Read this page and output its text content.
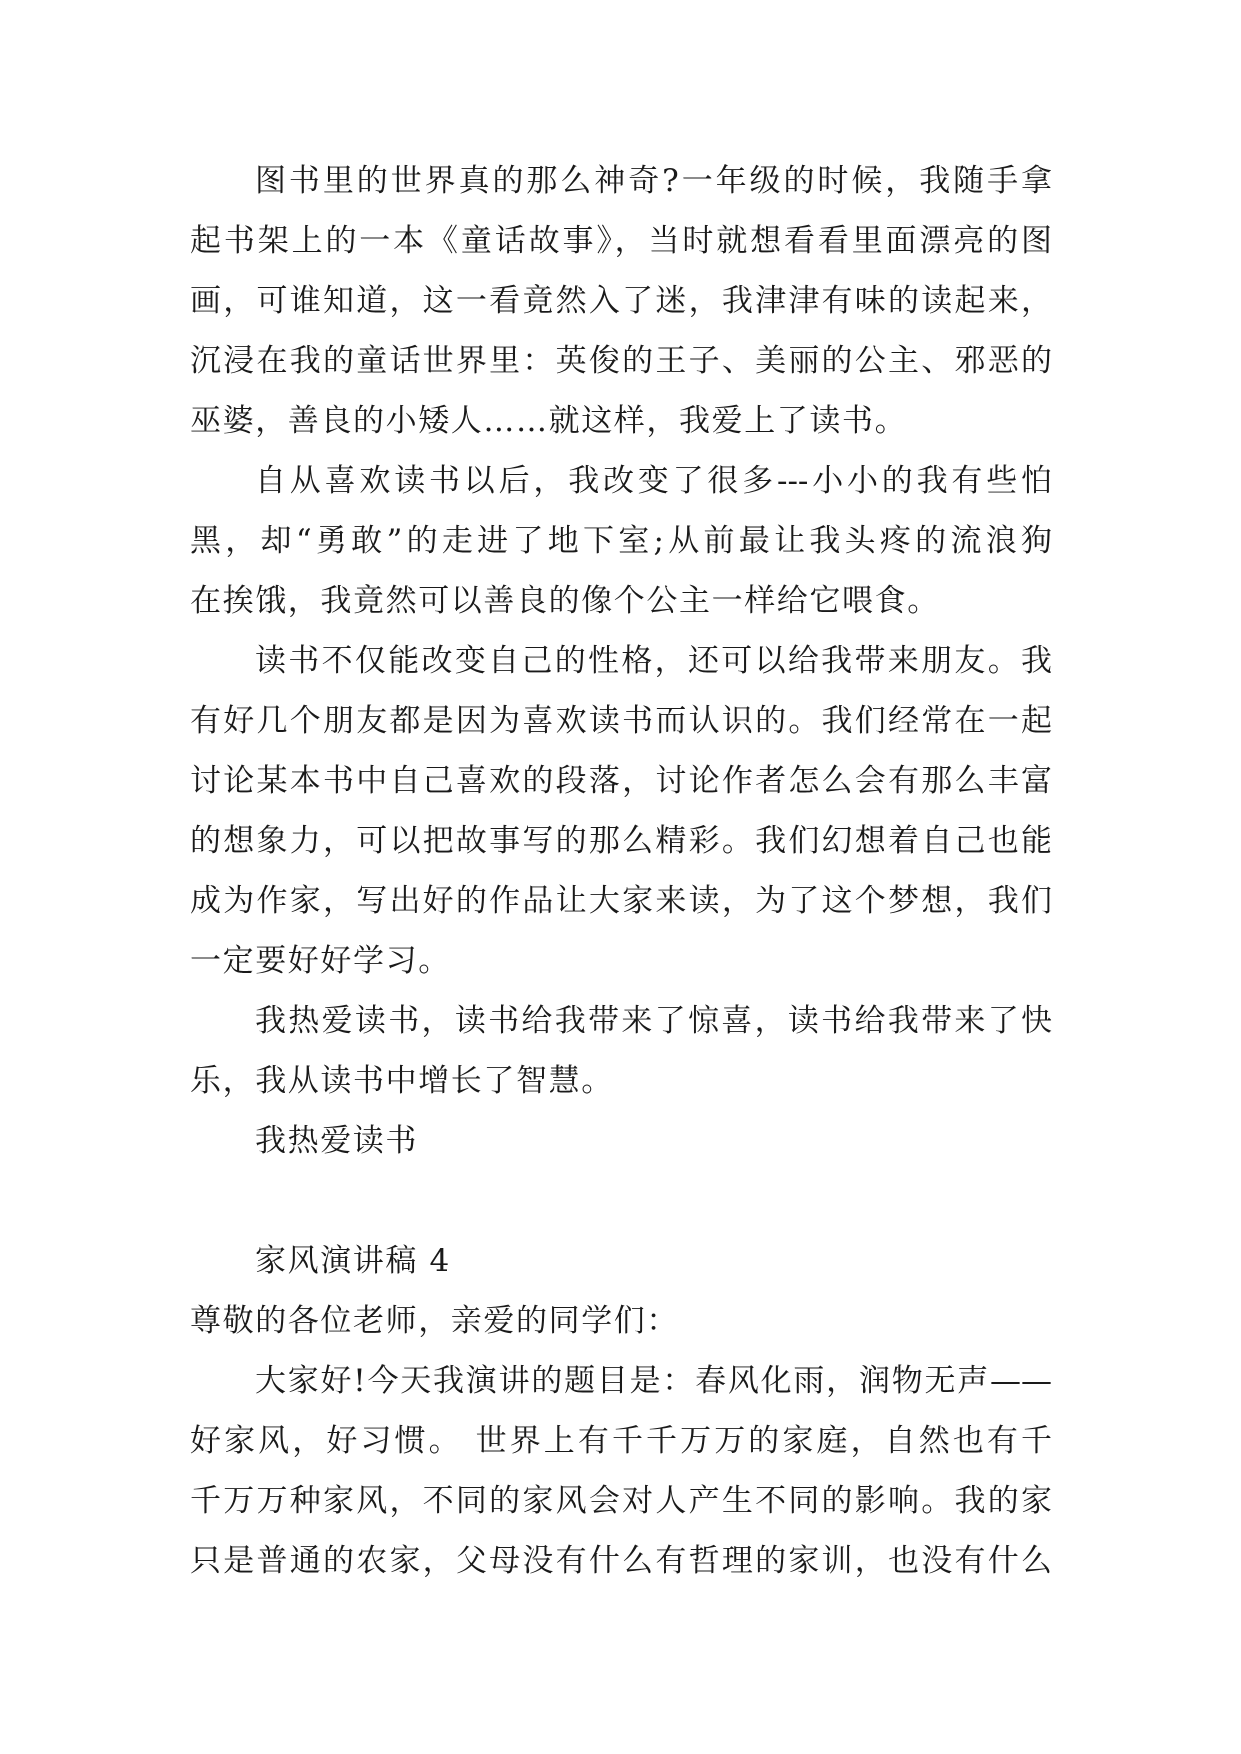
图书里的世界真的那么神奇?一年级的时候，我随手拿
起书架上的一本《童话故事》，当时就想看看里面漂亮的图
画，可谁知道，这一看竟然入了迷，我津津有味的读起来，
沉浸在我的童话世界里：英俊的王子、美丽的公主、邪恶的
巫婆，善良的小矮人……就这样，我爱上了读书。
自从喜欢读书以后，我改变了很多---小小的我有些怕
黑，却“勇敢”的走进了地下室;从前最让我头疼的流浪狗
在挨饿，我竟然可以善良的像个公主一样给它喂食。
读书不仅能改变自己的性格，还可以给我带来朋友。我
有好几个朋友都是因为喜欢读书而认识的。我们经常在一起
讨论某本书中自己喜欢的段落，讨论作者怎么会有那么丰富
的想象力，可以把故事写的那么精彩。我们幻想着自己也能
成为作家，写出好的作品让大家来读，为了这个梦想，我们
一定要好好学习。
我热爱读书，读书给我带来了惊喜，读书给我带来了快
乐，我从读书中增长了智慧。
我热爱读书
家风演讲稿 4
尊敬的各位老师，亲爱的同学们：
大家好!今天我演讲的题目是：春风化雨，润物无声——
好家风，好习惯。 世界上有千千万万的家庭，自然也有千
千万万种家风，不同的家风会对人产生不同的影响。我的家
只是普通的农家，父母没有什么有哲理的家训，也没有什么
